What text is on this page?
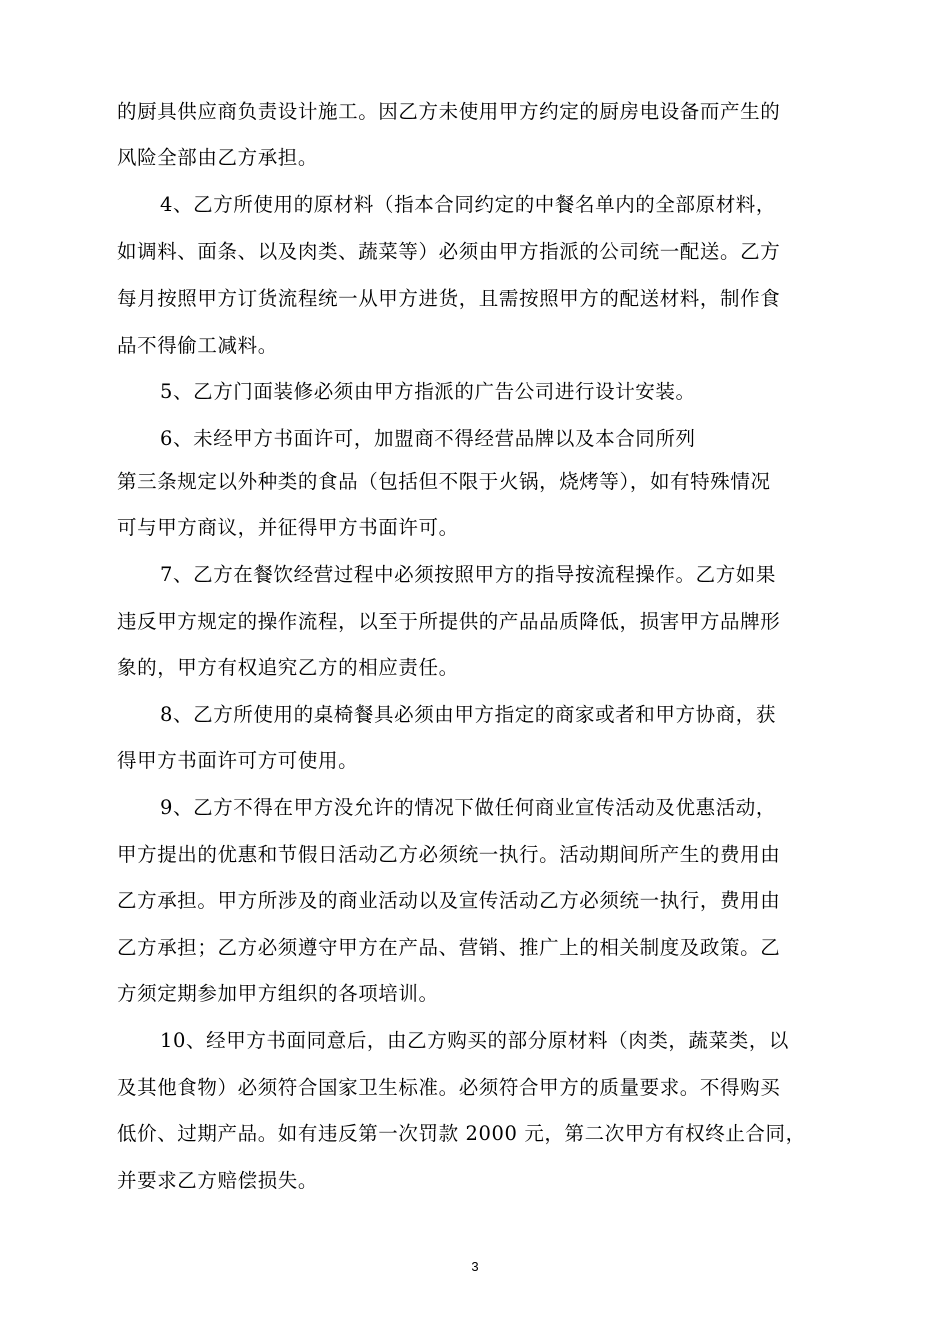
的厨具供应商负责设计施工。因乙方未使用甲方约定的厨房电设备而产生的
风险全部由乙方承担。
4、乙方所使用的原材料（指本合同约定的中餐名单内的全部原材料，
如调料、面条、以及肉类、蔬菜等）必须由甲方指派的公司统一配送。乙方
每月按照甲方订货流程统一从甲方进货，且需按照甲方的配送材料，制作食
品不得偷工减料。
5、乙方门面装修必须由甲方指派的广告公司进行设计安装。
6、未经甲方书面许可，加盟商不得经营品牌以及本合同所列
第三条规定以外种类的食品（包括但不限于火锅，烧烤等），如有特殊情况
可与甲方商议，并征得甲方书面许可。
7、乙方在餐饮经营过程中必须按照甲方的指导按流程操作。乙方如果
违反甲方规定的操作流程，以至于所提供的产品品质降低，损害甲方品牌形
象的，甲方有权追究乙方的相应责任。
8、乙方所使用的桌椅餐具必须由甲方指定的商家或者和甲方协商，获
得甲方书面许可方可使用。
9、乙方不得在甲方没允许的情况下做任何商业宣传活动及优惠活动，
甲方提出的优惠和节假日活动乙方必须统一执行。活动期间所产生的费用由
乙方承担。甲方所涉及的商业活动以及宣传活动乙方必须统一执行，费用由
乙方承担；乙方必须遵守甲方在产品、营销、推广上的相关制度及政策。乙
方须定期参加甲方组织的各项培训。
10、经甲方书面同意后，由乙方购买的部分原材料（肉类，蔬菜类，以
及其他食物）必须符合国家卫生标准。必须符合甲方的质量要求。不得购买
低价、过期产品。如有违反第一次罚款 2000 元，第二次甲方有权终止合同，
并要求乙方赔偿损失。
3
